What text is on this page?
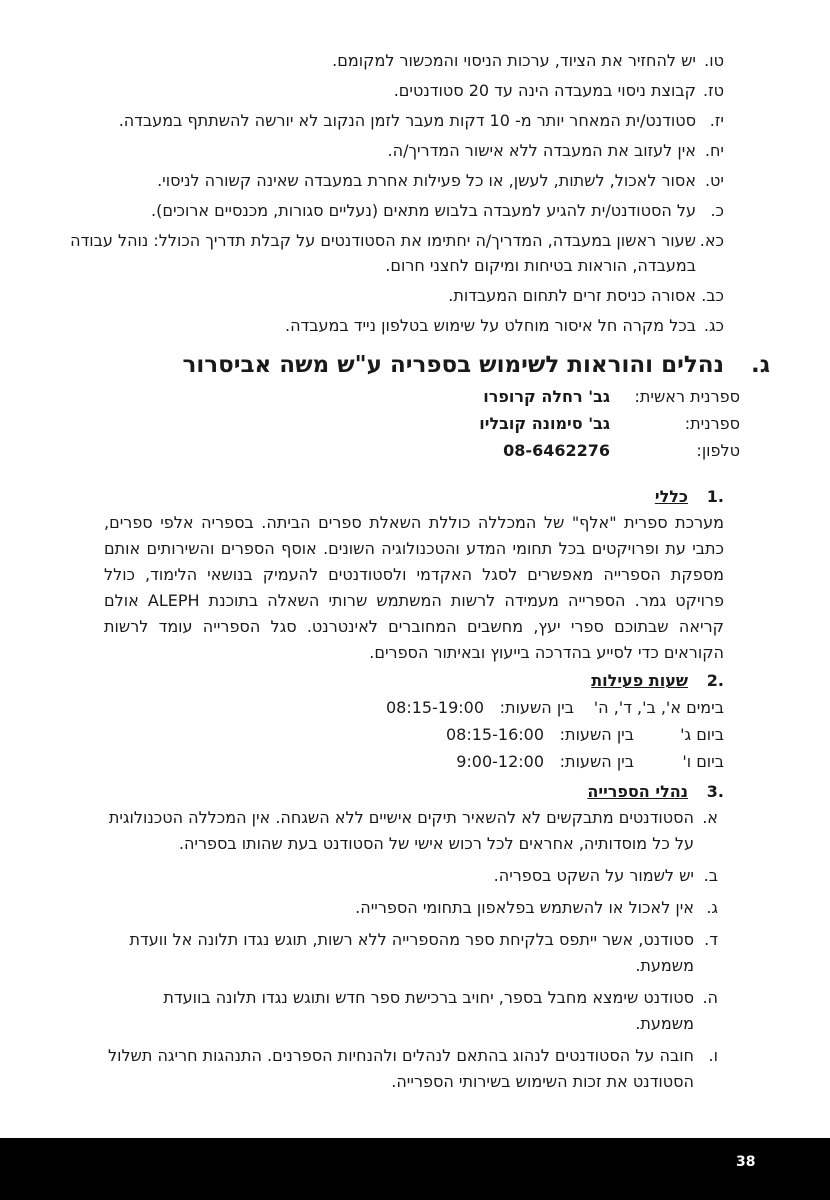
טו.
יש להחזיר את הציוד, ערכות הניסוי והמכשור למקומם.
טז.
קבוצת ניסוי במעבדה הינה עד 20 סטודנטים.
יז.
סטודנט/ית המאחר יותר מ- 10 דקות מעבר לזמן הנקוב לא יורשה להשתתף במעבדה.
יח.
אין לעזוב את המעבדה ללא אישור המדריך/ה.
יט.
אסור לאכול, לשתות, לעשן, או כל פעילות אחרת במעבדה שאינה קשורה לניסוי.
כ.
על הסטודנט/ית להגיע למעבדה בלבוש מתאים (נעליים סגורות, מכנסיים ארוכים).
כא.
שעור ראשון במעבדה, המדריך/ה יחתימו את הסטודנטים על קבלת תדריך הכולל: נוהל עבודה במעבדה, הוראות בטיחות ומיקום לחצני חרום.
כב.
אסורה כניסת זרים לתחום המעבדות.
כג.
בכל מקרה חל איסור מוחלט על שימוש בטלפון נייד במעבדה.
ג.
נהלים והוראות לשימוש בספריה ע"ש משה אביסרור
ספרנית ראשית:
גב' רחלה קרופרו
ספרנית:
גב' סימונה קובליו
טלפון:
08-6462276
1.
כללי

מערכת ספרית "אלף" של המכללה כוללת השאלת ספרים הביתה. בספריה אלפי ספרים, כתבי עת ופרויקטים בכל תחומי המדע והטכנולוגיה השונים. אוסף הספרים והשירותים אותם מספקת הספרייה מאפשרים לסגל האקדמי ולסטודנטים להעמיק בנושאי הלימוד, כולל פרויקט גמר. הספרייה מעמידה לרשות המשתמש שרותי השאלה בתוכנת ALEPH אולם קריאה שבתוכם ספרי יעץ, מחשבים המחוברים לאינטרנט. סגל הספרייה עומד לרשות הקוראים כדי לסייע בהדרכה בייעוץ ובאיתור הספרים.

2.
שעות פעילות
בימים א', ב', ד', ה'
בין השעות:
08:15-19:00
ביום ג'
בין השעות:
08:15-16:00
ביום ו'
בין השעות:
9:00-12:00
3.
נהלי הספרייה
א.
הסטודנטים מתבקשים לא להשאיר תיקים אישיים ללא השגחה. אין המכללה הטכנולוגית על כל מוסדותיה, אחראים לכל רכוש אישי של הסטודנט בעת שהותו בספריה.
ב.
יש לשמור על השקט בספריה.
ג.
אין לאכול או להשתמש בפלאפון בתחומי הספרייה.
ד.
סטודנט, אשר ייתפס בלקיחת ספר מהספרייה ללא רשות, תוגש נגדו תלונה אל וועדת משמעת.
ה.
סטודנט שימצא מחבל בספר, יחויב ברכישת ספר חדש ותוגש נגדו תלונה בוועדת משמעת.
ו.
חובה על הסטודנטים לנהוג בהתאם לנהלים ולהנחיות הספרנים. התנהגות חריגה תשלול הסטודנט את זכות השימוש בשירותי הספרייה.
38
